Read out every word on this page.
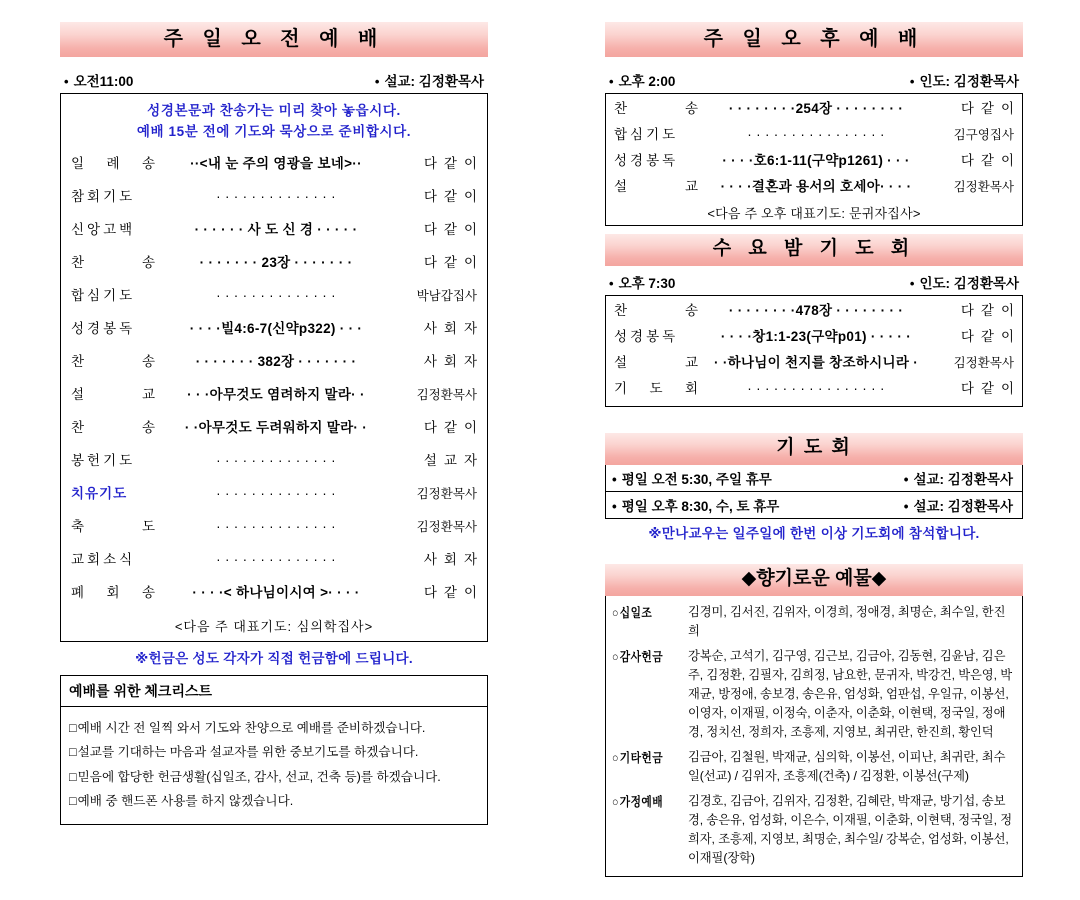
주 일 오 전 예 배
• 오전11:00	• 설교: 김정환목사
성경본문과 찬송가는 미리 찾아 놓읍시다.
예배 15분 전에 기도와 묵상으로 준비합시다.
일 례 송	··<내 눈 주의 영광을 보네>··	다 같 이
참회기도	· · · · · · · · · · · · · ·	다 같 이
신앙고백	· · · · · · 사 도 신 경 · · · · ·	다 같 이
찬	송	· · · · · · · 23장 · · · · · · ·	다 같 이
합심기도	· · · · · · · · · · · · · ·	박남갑집사
성경봉독	· · · ·빌4:6-7(신약p322) · · ·	사 회 자
찬	송	· · · · · · · 382장 · · · · · · ·	사 회 자
설	교	· · ·아무것도 염려하지 말라· ·	김정환목사
찬	송	· ·아무것도 두려워하지 말라· ·	다 같 이
봉헌기도	· · · · · · · · · · · · · ·	설 교 자
치유기도	· · · · · · · · · · · · · ·	김정환목사
축	도	· · · · · · · · · · · · · ·	김정환목사
교회소식	· · · · · · · · · · · · · ·	사 회 자
폐 회 송	· · · ·< 하나님이시여 >· · · ·	다 같 이
<다음 주 대표기도: 심의학집사>
※헌금은 성도 각자가 직접 헌금함에 드립니다.
예배를 위한 체크리스트
□ 예배 시간 전 일찍 와서 기도와 찬양으로 예배를 준비하겠습니다.
□ 설교를 기대하는 마음과 설교자를 위한 중보기도를 하겠습니다.
□ 믿음에 합당한 헌금생활(십일조, 감사, 선교, 건축 등)를 하겠습니다.
□ 예배 중 핸드폰 사용를 하지 않겠습니다.
주 일 오 후 예 배
• 오후 2:00	• 인도: 김정환목사
찬	송	· · · · · · · ·254장 · · · · · · · ·	다 같 이
합심기도	· · · · · · · · · · · · · · · ·	김구영집사
성경봉독	· · · ·호6:1-11(구약p1261) · · ·	다 같 이
설	교	· · · ·결혼과 용서의 호세아· · · ·	김정환목사
<다음 주 오후 대표기도: 문귀자집사>
수 요 밤 기 도 회
• 오후 7:30	• 인도: 김정환목사
찬	송	· · · · · · · ·478장 · · · · · · · ·	다 같 이
성경봉독	· · · ·창1:1-23(구약p01) · · · · ·	다 같 이
설	교	· ·하나님이 천지를 창조하시니라 ·	김정환목사
기 도 회	· · · · · · · · · · · · · · · ·	다 같 이
기 도 회
• 평일 오전 5:30, 주일 휴무	• 설교: 김정환목사
• 평일 오후 8:30, 수, 토 휴무	• 설교: 김정환목사
※만나교우는 일주일에 한번 이상 기도회에 참석합니다.
◆향기로운 예물◆
○ 십일조	김경미, 김서진, 김위자, 이경희, 정애경, 최명순, 최수일, 한진희
○ 감사헌금	강복순, 고석기, 김구영, 김근보, 김금아, 김동현, 김윤남, 김은주, 김정환, 김필자, 김희정, 남요한, 문귀자, 박강건, 박은영, 박재균, 방정애, 송보경, 송은유, 엄성화, 엄판섭, 우일규, 이봉선, 이영자, 이재필, 이정숙, 이춘자, 이춘화, 이현택, 정국일, 정애경, 정치선, 정희자, 조흥제, 지영보, 최귀란, 한진희, 황인덕
○ 기타헌금	김금아, 김철원, 박재균, 심의학, 이봉선, 이피난, 최귀란, 최수일(선교) / 김위자, 조흥제(건축) / 김정환, 이봉선(구제)
○ 가정예배	김경호, 김금아, 김위자, 김정환, 김혜란, 박재균, 방기섭, 송보경, 송은유, 엄성화, 이은수, 이재필, 이춘화, 이현택, 정국일, 정희자, 조흥제, 지영보, 최명순, 최수일/ 강복순, 엄성화, 이봉선, 이재필(장학)
